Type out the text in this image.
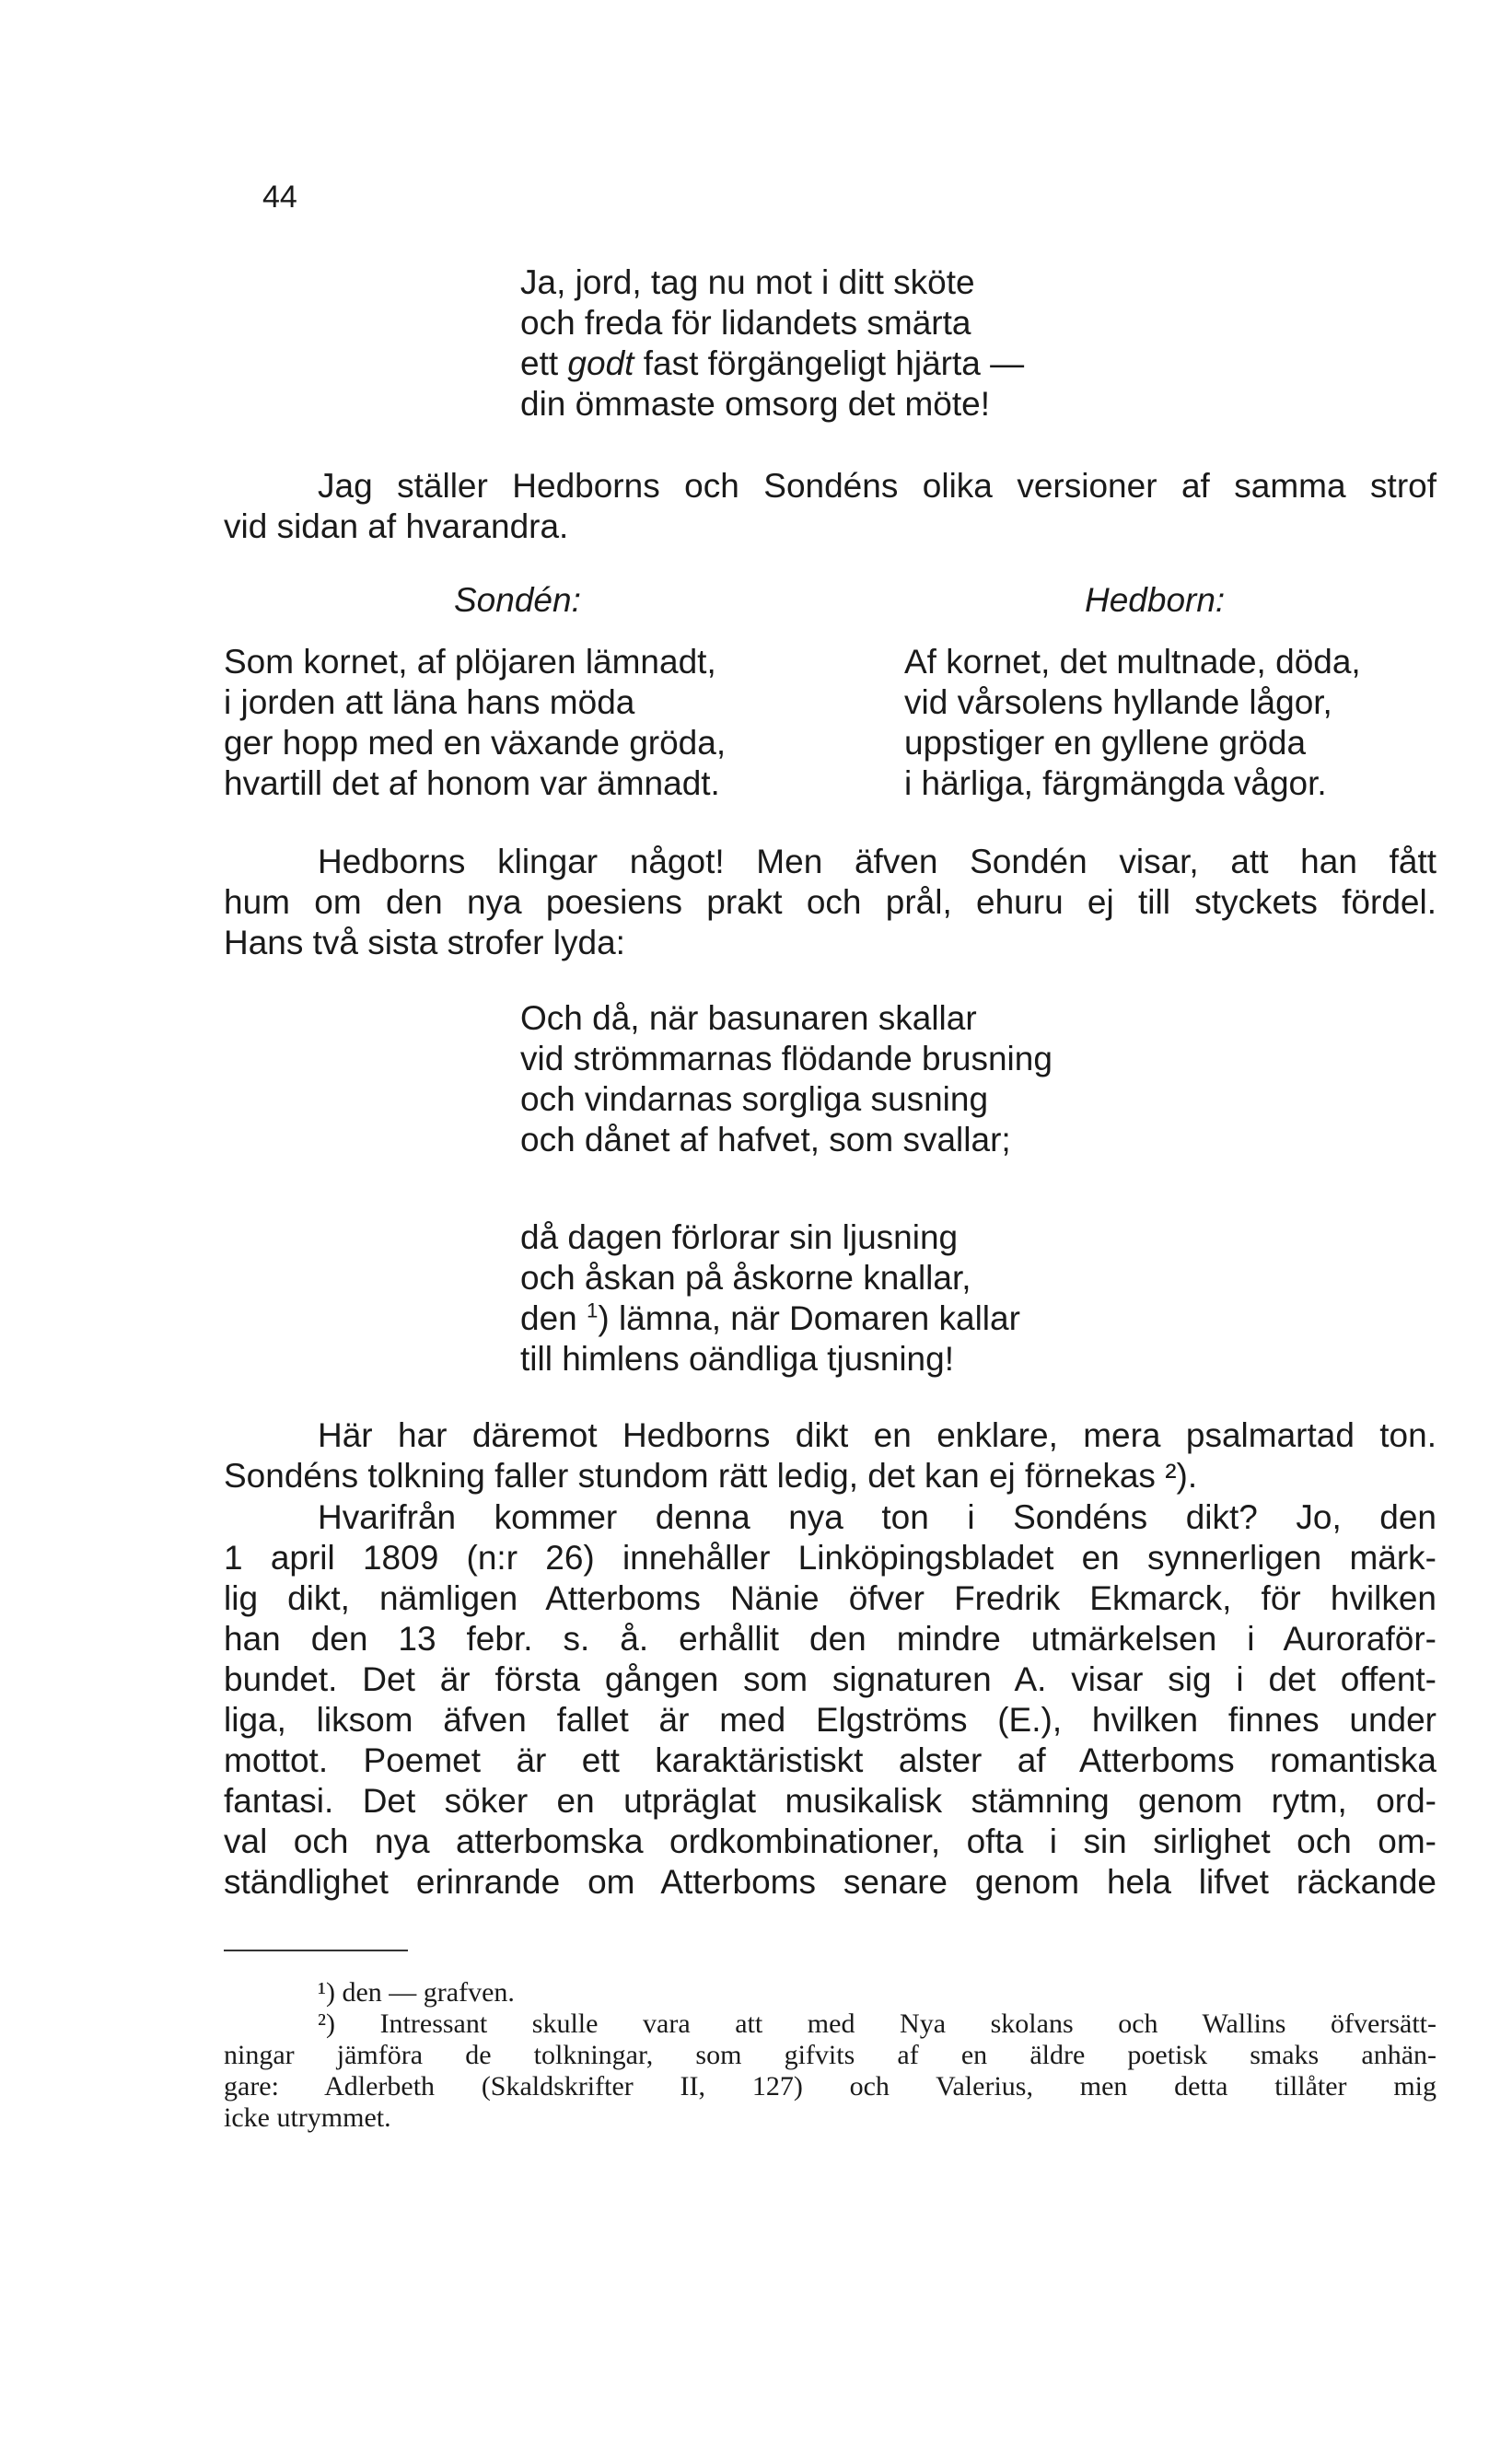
44
Ja, jord, tag nu mot i ditt sköte
och freda för lidandets smärta
ett godt fast förgängeligt hjärta —
din ömmaste omsorg det möte!
Jag ställer Hedborns och Sondéns olika versioner af samma strof
vid sidan af hvarandra.
Sondén:
Som kornet, af plöjaren lämnadt,
i jorden att läna hans möda
ger hopp med en växande gröda,
hvartill det af honom var ämnadt.
Hedborn:
Af kornet, det multnade, döda,
vid vårsolens hyllande lågor,
uppstiger en gyllene gröda
i härliga, färgmängda vågor.
Hedborns klingar något! Men äfven Sondén visar, att han fått
hum om den nya poesiens prakt och prål, ehuru ej till styckets fördel.
Hans två sista strofer lyda:
Och då, när basunaren skallar
vid strömmarnas flödande brusning
och vindarnas sorgliga susning
och dånet af hafvet, som svallar;
då dagen förlorar sin ljusning
och åskan på åskorne knallar,
den $^1$) lämna, när Domaren kallar
till himlens oändliga tjusning!
Här har däremot Hedborns dikt en enklare, mera psalmartad ton.
Sondéns tolkning faller stundom rätt ledig, det kan ej förnekas ²).
Hvarifrån kommer denna nya ton i Sondéns dikt? Jo, den
1 april 1809 (n:r 26) innehåller Linköpingsbladet en synnerligen märk-
lig dikt, nämligen Atterboms Nänie öfver Fredrik Ekmarck, för hvilken
han den 13 febr. s. å. erhållit den mindre utmärkelsen i Auroraför-
bundet. Det är första gången som signaturen A. visar sig i det offent-
liga, liksom äfven fallet är med Elgströms (E.), hvilken finnes under
mottot. Poemet är ett karaktäristiskt alster af Atterboms romantiska
fantasi. Det söker en utpräglat musikalisk stämning genom rytm, ord-
val och nya atterbomska ordkombinationer, ofta i sin sirlighet och om-
ständlighet erinrande om Atterboms senare genom hela lifvet räckande
¹) den — grafven.
²) Intressant skulle vara att med Nya skolans och Wallins öfversätt-
ningar jämföra de tolkningar, som gifvits af en äldre poetisk smaks anhän-
gare: Adlerbeth (Skaldskrifter II, 127) och Valerius, men detta tillåter mig
icke utrymmet.
